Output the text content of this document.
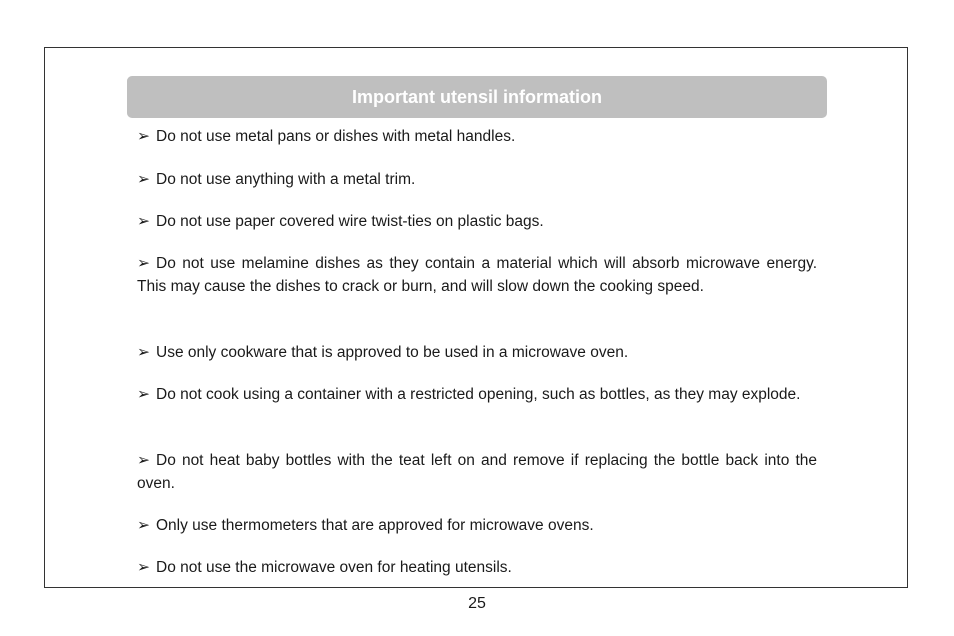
Important utensil information
➢ Do not use metal pans or dishes with metal handles.
➢ Do not use anything with a metal trim.
➢ Do not use paper covered wire twist-ties on plastic bags.
➢ Do not use melamine dishes as they contain a material which will absorb microwave energy. This may cause the dishes to crack or burn, and will slow down the cooking speed.
➢ Use only cookware that is approved to be used in a microwave oven.
➢ Do not cook using a container with a restricted opening, such as bottles, as they may explode.
➢ Do not heat baby bottles with the teat left on and remove if replacing the bottle back into the oven.
➢ Only use thermometers that are approved for microwave ovens.
➢ Do not use the microwave oven for heating utensils.
25
